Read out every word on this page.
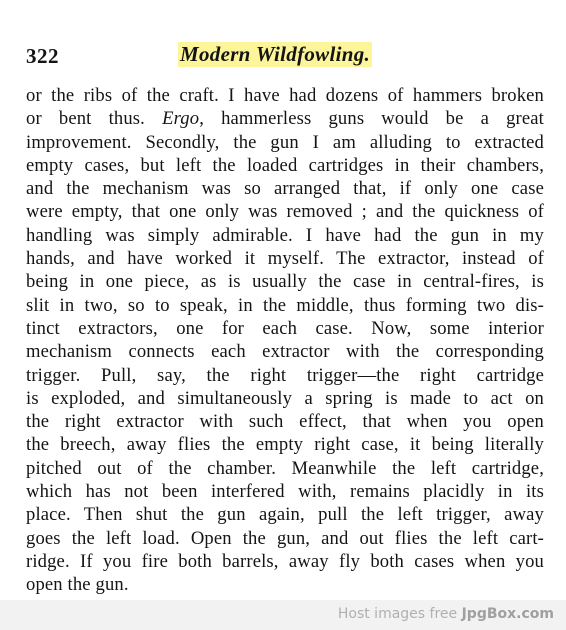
322	Modern Wildfowling.
or the ribs of the craft. I have had dozens of hammers broken
or bent thus. Ergo, hammerless guns would be a great
improvement. Secondly, the gun I am alluding to extracted
empty cases, but left the loaded cartridges in their chambers,
and the mechanism was so arranged that, if only one case
were empty, that one only was removed ; and the quickness of
handling was simply admirable. I have had the gun in my
hands, and have worked it myself. The extractor, instead of
being in one piece, as is usually the case in central-fires, is
slit in two, so to speak, in the middle, thus forming two dis-
tinct extractors, one for each case. Now, some interior
mechanism connects each extractor with the corresponding
trigger. Pull, say, the right trigger—the right cartridge
is exploded, and simultaneously a spring is made to act on
the right extractor with such effect, that when you open
the breech, away flies the empty right case, it being literally
pitched out of the chamber. Meanwhile the left cartridge,
which has not been interfered with, remains placidly in its
place. Then shut the gun again, pull the left trigger, away
goes the left load. Open the gun, and out flies the left cart-
ridge. If you fire both barrels, away fly both cases when you
open the gun.
Host images free JpgBox.com
